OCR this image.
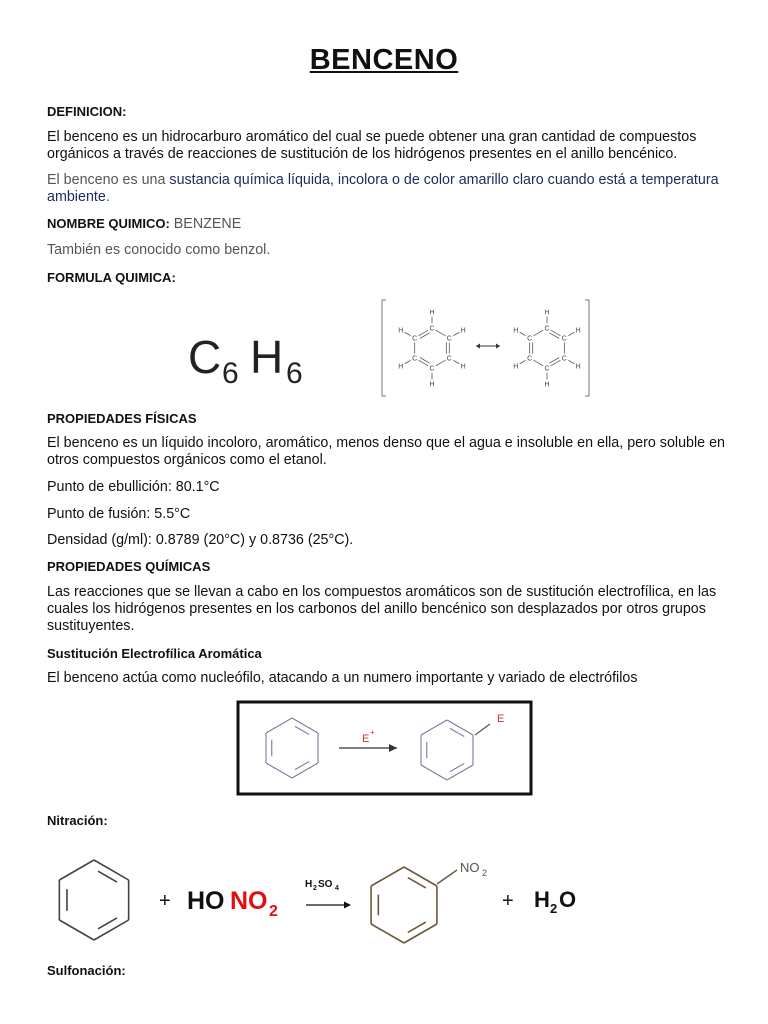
BENCENO
DEFINICION:
El benceno es un hidrocarburo aromático del cual se puede obtener una gran cantidad de compuestos orgánicos a través de reacciones de sustitución de los hidrógenos presentes en el anillo bencénico.
El benceno es una sustancia química líquida, incolora o de color amarillo claro cuando está a temperatura ambiente.
NOMBRE QUIMICO: BENZENE
También es conocido como benzol.
FORMULA QUIMICA:
C 6 H 6
C
H
C
H
C
H	C
H
C
H
C
H	C
H
C
H
C
H	C
H
C
H
C
H
PROPIEDADES FÍSICAS
El benceno es un líquido incoloro, aromático, menos denso que el agua e insoluble en ella, pero soluble en otros compuestos orgánicos como el etanol.
Punto de ebullición: 80.1°C
Punto de fusión: 5.5°C
Densidad (g/ml): 0.8789 (20°C) y 0.8736 (25°C).
PROPIEDADES QUÍMICAS
Las reacciones que se llevan a cabo en los compuestos aromáticos son de sustitución electrofílica, en las cuales los hidrógenos presentes en los carbonos del anillo bencénico son desplazados por otros grupos sustituyentes.
Sustitución Electrofílica Aromática
El benceno actúa como nucleófilo, atacando a un numero importante y variado de electrófilos
E
+
E
Nitración:
+ HO NO 2
H 2 SO 4
NO 2
+ H 2 O
Sulfonación:
